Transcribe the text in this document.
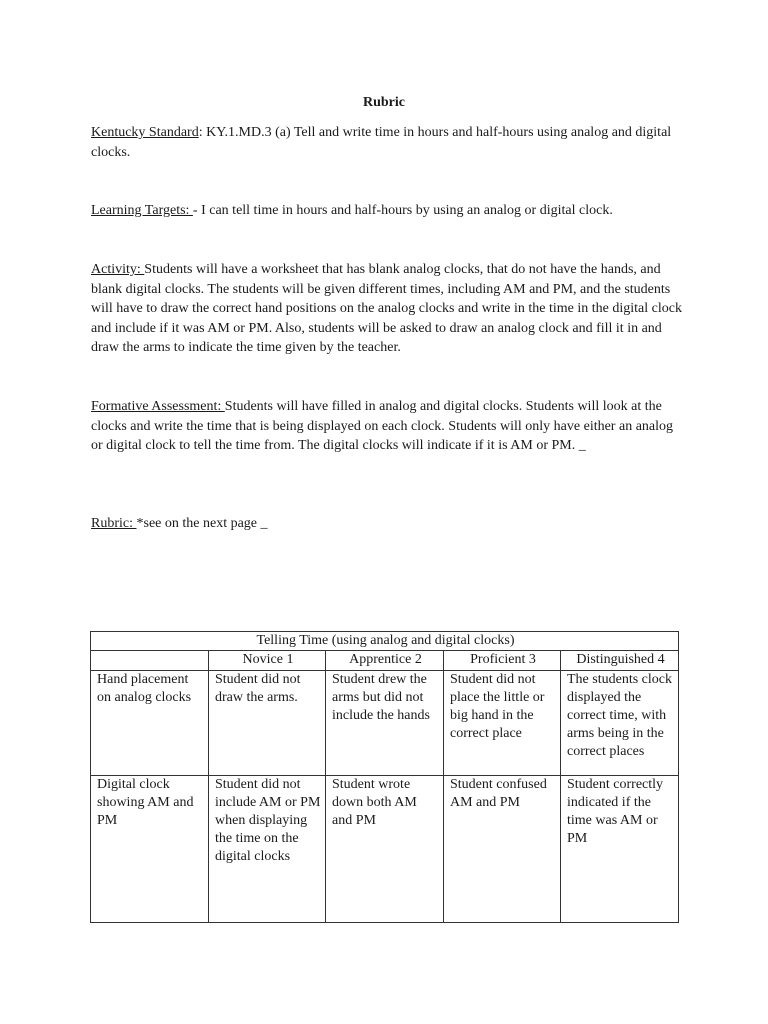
Rubric

Kentucky Standard: KY.1.MD.3 (a) Tell and write time in hours and half-hours using analog and digital clocks.

Learning Targets: - I can tell time in hours and half-hours by using an analog or digital clock.

Activity: Students will have a worksheet that has blank analog clocks, that do not have the hands, and blank digital clocks. The students will be given different times, including AM and PM, and the students will have to draw the correct hand positions on the analog clocks and write in the time in the digital clock and include if it was AM or PM. Also, students will be asked to draw an analog clock and fill it in and draw the arms to indicate the time given by the teacher.

Formative Assessment: Students will have filled in analog and digital clocks. Students will look at the clocks and write the time that is being displayed on each clock. Students will only have either an analog or digital clock to tell the time from. The digital clocks will indicate if it is AM or PM. _

Rubric: *see on the next page _

Telling Time (using analog and digital clocks)				
	Novice 1	Apprentice 2	Proficient 3	Distinguished 4
Hand placement on analog clocks	Student did not draw the arms.	Student drew the arms but did not include the hands	Student did not place the little or big hand in the correct place	The students clock displayed the correct time, with arms being in the correct places
Digital clock showing AM and PM	Student did not include AM or PM when displaying the time on the digital clocks	Student wrote down both AM and PM	Student confused AM and PM	Student correctly indicated if the time was AM or PM
